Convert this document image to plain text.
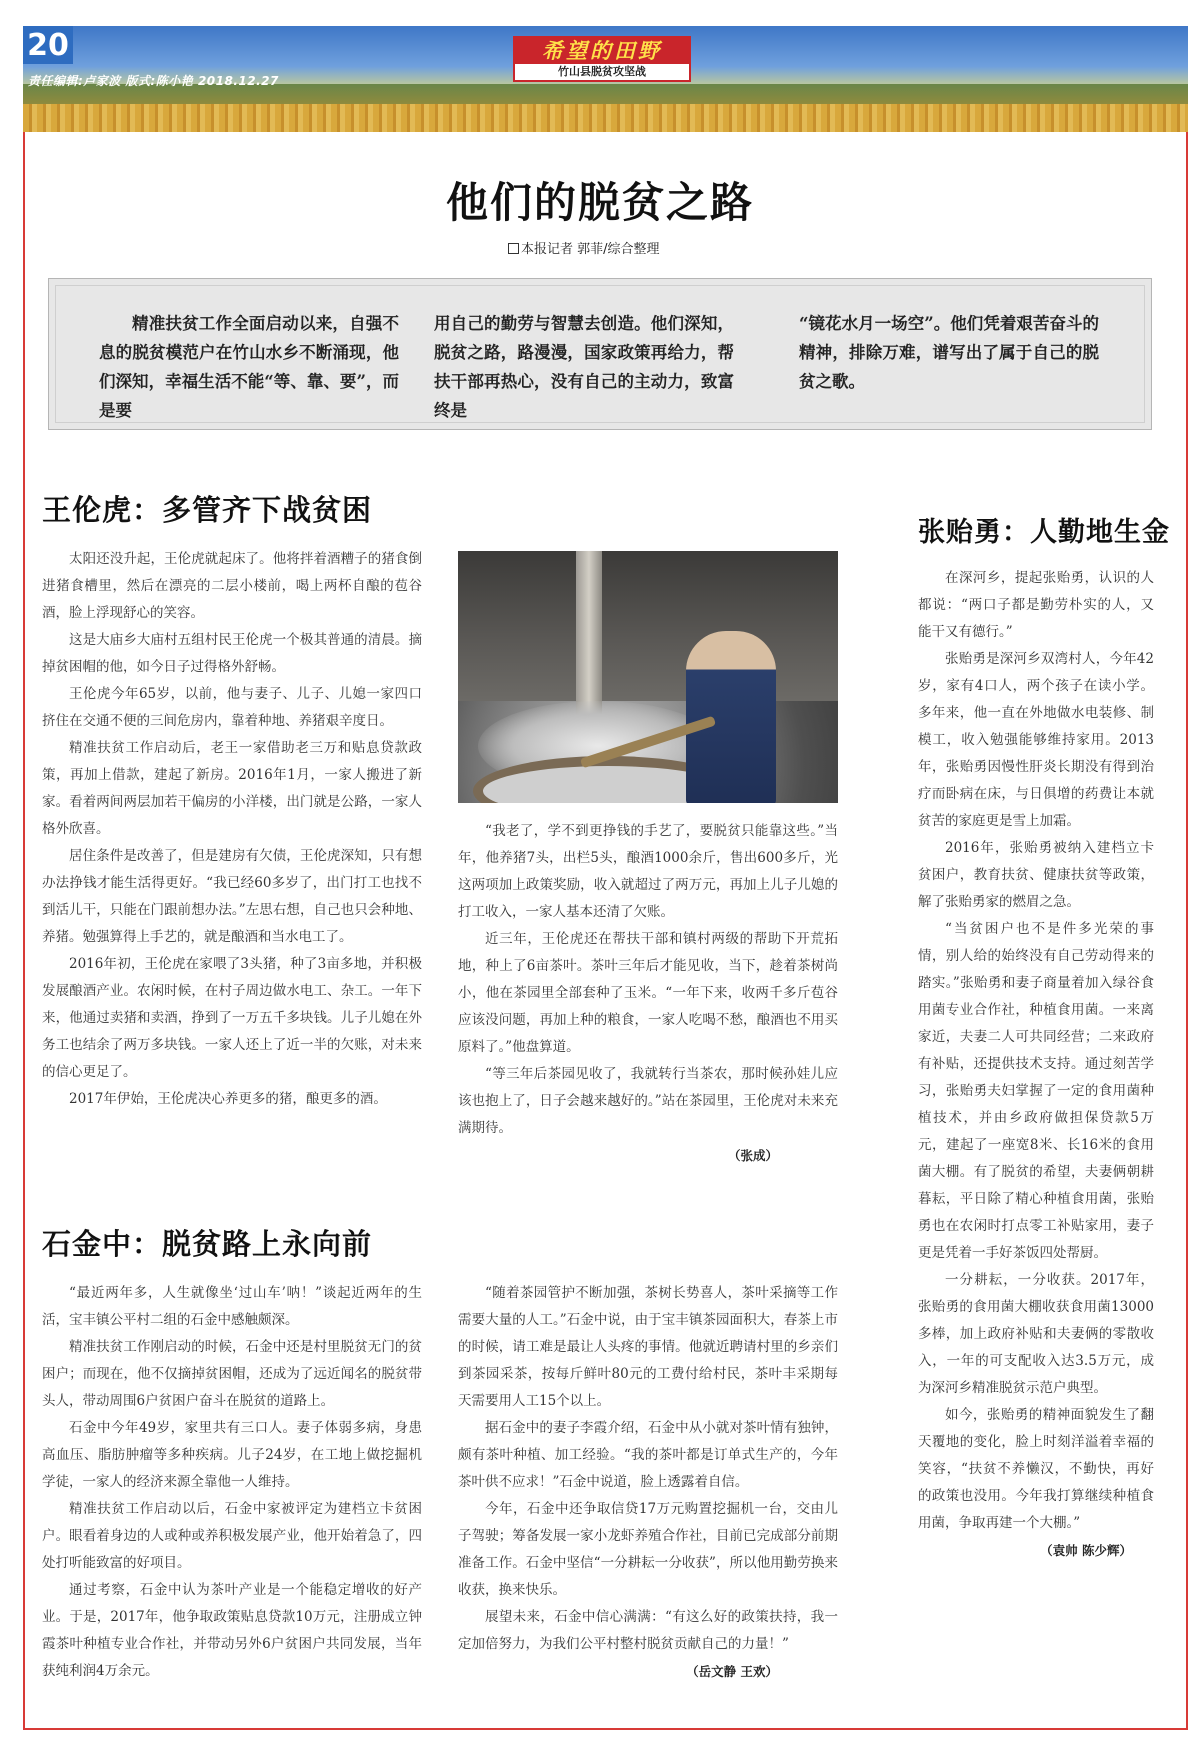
20
责任编辑:卢家波 版式:陈小艳 2018.12.27
希望的田野
竹山县脱贫攻坚战
他们的脱贫之路
本报记者 郭菲/综合整理
精准扶贫工作全面启动以来，自强不息的脱贫模范户在竹山水乡不断涌现，他们深知，幸福生活不能“等、靠、要”，而是要
用自己的勤劳与智慧去创造。他们深知，脱贫之路，路漫漫，国家政策再给力，帮扶干部再热心，没有自己的主动力，致富终是
“镜花水月一场空”。他们凭着艰苦奋斗的精神，排除万难，谱写出了属于自己的脱贫之歌。
王伦虎：多管齐下战贫困

太阳还没升起，王伦虎就起床了。他将拌着酒糟子的猪食倒进猪食槽里，然后在漂亮的二层小楼前，喝上两杯自酿的苞谷酒，脸上浮现舒心的笑容。

这是大庙乡大庙村五组村民王伦虎一个极其普通的清晨。摘掉贫困帽的他，如今日子过得格外舒畅。

王伦虎今年65岁，以前，他与妻子、儿子、儿媳一家四口挤住在交通不便的三间危房内，靠着种地、养猪艰辛度日。

精准扶贫工作启动后，老王一家借助老三万和贴息贷款政策，再加上借款，建起了新房。2016年1月，一家人搬进了新家。看着两间两层加若干偏房的小洋楼，出门就是公路，一家人格外欣喜。

居住条件是改善了，但是建房有欠债，王伦虎深知，只有想办法挣钱才能生活得更好。“我已经60多岁了，出门打工也找不到活儿干，只能在门跟前想办法。”左思右想，自己也只会种地、养猪。勉强算得上手艺的，就是酿酒和当水电工了。

2016年初，王伦虎在家喂了3头猪，种了3亩多地，并积极发展酿酒产业。农闲时候，在村子周边做水电工、杂工。一年下来，他通过卖猪和卖酒，挣到了一万五千多块钱。儿子儿媳在外务工也结余了两万多块钱。一家人还上了近一半的欠账，对未来的信心更足了。

2017年伊始，王伦虎决心养更多的猪，酿更多的酒。

“我老了，学不到更挣钱的手艺了，要脱贫只能靠这些。”当年，他养猪7头，出栏5头，酿酒1000余斤，售出600多斤，光这两项加上政策奖励，收入就超过了两万元，再加上儿子儿媳的打工收入，一家人基本还清了欠账。

近三年，王伦虎还在帮扶干部和镇村两级的帮助下开荒拓地，种上了6亩茶叶。茶叶三年后才能见收，当下，趁着茶树尚小，他在茶园里全部套种了玉米。“一年下来，收两千多斤苞谷应该没问题，再加上种的粮食，一家人吃喝不愁，酿酒也不用买原料了。”他盘算道。

“等三年后茶园见收了，我就转行当茶农，那时候孙娃儿应该也抱上了，日子会越来越好的。”站在茶园里，王伦虎对未来充满期待。

（张成）
石金中：脱贫路上永向前

“最近两年多，人生就像坐‘过山车’呐！”谈起近两年的生活，宝丰镇公平村二组的石金中感触颇深。

精准扶贫工作刚启动的时候，石金中还是村里脱贫无门的贫困户；而现在，他不仅摘掉贫困帽，还成为了远近闻名的脱贫带头人，带动周围6户贫困户奋斗在脱贫的道路上。

石金中今年49岁，家里共有三口人。妻子体弱多病，身患高血压、脂肪肿瘤等多种疾病。儿子24岁，在工地上做挖掘机学徒，一家人的经济来源全靠他一人维持。

精准扶贫工作启动以后，石金中家被评定为建档立卡贫困户。眼看着身边的人或种或养积极发展产业，他开始着急了，四处打听能致富的好项目。

通过考察，石金中认为茶叶产业是一个能稳定增收的好产业。于是，2017年，他争取政策贴息贷款10万元，注册成立钟霞茶叶种植专业合作社，并带动另外6户贫困户共同发展，当年获纯利润4万余元。

“随着茶园管护不断加强，茶树长势喜人，茶叶采摘等工作需要大量的人工。”石金中说，由于宝丰镇茶园面积大，春茶上市的时候，请工难是最让人头疼的事情。他就近聘请村里的乡亲们到茶园采茶，按每斤鲜叶80元的工费付给村民，茶叶丰采期每天需要用人工15个以上。

据石金中的妻子李霞介绍，石金中从小就对茶叶情有独钟，颇有茶叶种植、加工经验。“我的茶叶都是订单式生产的，今年茶叶供不应求！”石金中说道，脸上透露着自信。

今年，石金中还争取信贷17万元购置挖掘机一台，交由儿子驾驶；筹备发展一家小龙虾养殖合作社，目前已完成部分前期准备工作。石金中坚信“一分耕耘一分收获”，所以他用勤劳换来收获，换来快乐。

展望未来，石金中信心满满：“有这么好的政策扶持，我一定加倍努力，为我们公平村整村脱贫贡献自己的力量！”

（岳文静 王欢）
张贻勇：人勤地生金

在深河乡，提起张贻勇，认识的人都说：“两口子都是勤劳朴实的人，又能干又有德行。”

张贻勇是深河乡双湾村人，今年42岁，家有4口人，两个孩子在读小学。多年来，他一直在外地做水电装修、制模工，收入勉强能够维持家用。2013年，张贻勇因慢性肝炎长期没有得到治疗而卧病在床，与日俱增的药费让本就贫苦的家庭更是雪上加霜。

2016年，张贻勇被纳入建档立卡贫困户，教育扶贫、健康扶贫等政策，解了张贻勇家的燃眉之急。

“当贫困户也不是件多光荣的事情，别人给的始终没有自己劳动得来的踏实。”张贻勇和妻子商量着加入绿谷食用菌专业合作社，种植食用菌。一来离家近，夫妻二人可共同经营；二来政府有补贴，还提供技术支持。通过刻苦学习，张贻勇夫妇掌握了一定的食用菌种植技术，并由乡政府做担保贷款5万元，建起了一座宽8米、长16米的食用菌大棚。有了脱贫的希望，夫妻俩朝耕暮耘，平日除了精心种植食用菌，张贻勇也在农闲时打点零工补贴家用，妻子更是凭着一手好茶饭四处帮厨。

一分耕耘，一分收获。2017年，张贻勇的食用菌大棚收获食用菌13000多棒，加上政府补贴和夫妻俩的零散收入，一年的可支配收入达3.5万元，成为深河乡精准脱贫示范户典型。

如今，张贻勇的精神面貌发生了翻天覆地的变化，脸上时刻洋溢着幸福的笑容，“扶贫不养懒汉，不勤快，再好的政策也没用。今年我打算继续种植食用菌，争取再建一个大棚。”

（袁帅 陈少辉）
